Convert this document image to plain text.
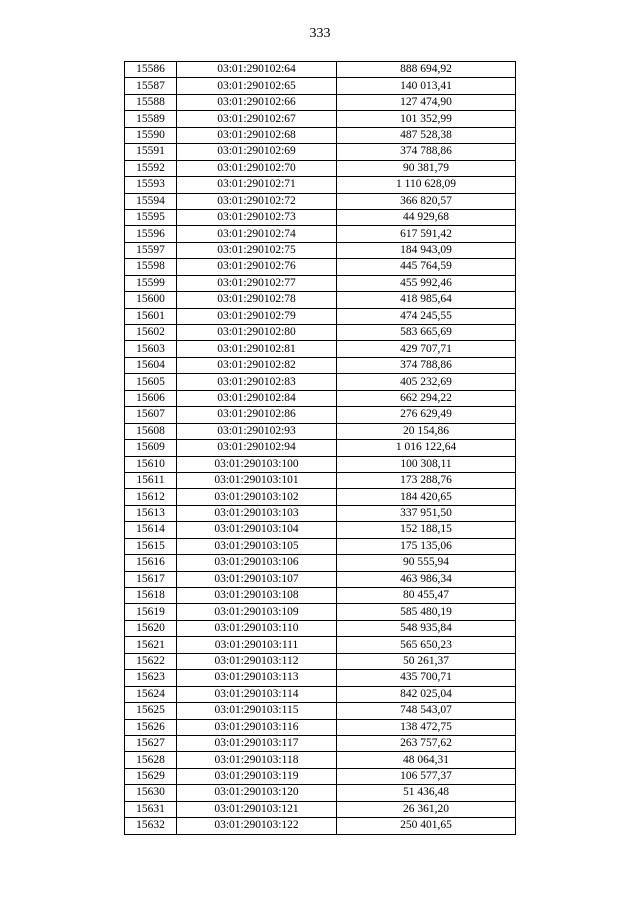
333
15586	03:01:290102:64	888 694,92
15587	03:01:290102:65	140 013,41
15588	03:01:290102:66	127 474,90
15589	03:01:290102:67	101 352,99
15590	03:01:290102:68	487 528,38
15591	03:01:290102:69	374 788,86
15592	03:01:290102:70	90 381,79
15593	03:01:290102:71	1 110 628,09
15594	03:01:290102:72	366 820,57
15595	03:01:290102:73	44 929,68
15596	03:01:290102:74	617 591,42
15597	03:01:290102:75	184 943,09
15598	03:01:290102:76	445 764,59
15599	03:01:290102:77	455 992,46
15600	03:01:290102:78	418 985,64
15601	03:01:290102:79	474 245,55
15602	03:01:290102:80	583 665,69
15603	03:01:290102:81	429 707,71
15604	03:01:290102:82	374 788,86
15605	03:01:290102:83	405 232,69
15606	03:01:290102:84	662 294,22
15607	03:01:290102:86	276 629,49
15608	03:01:290102:93	20 154,86
15609	03:01:290102:94	1 016 122,64
15610	03:01:290103:100	100 308,11
15611	03:01:290103:101	173 288,76
15612	03:01:290103:102	184 420,65
15613	03:01:290103:103	337 951,50
15614	03:01:290103:104	152 188,15
15615	03:01:290103:105	175 135,06
15616	03:01:290103:106	90 555,94
15617	03:01:290103:107	463 986,34
15618	03:01:290103:108	80 455,47
15619	03:01:290103:109	585 480,19
15620	03:01:290103:110	548 935,84
15621	03:01:290103:111	565 650,23
15622	03:01:290103:112	50 261,37
15623	03:01:290103:113	435 700,71
15624	03:01:290103:114	842 025,04
15625	03:01:290103:115	748 543,07
15626	03:01:290103:116	138 472,75
15627	03:01:290103:117	263 757,62
15628	03:01:290103:118	48 064,31
15629	03:01:290103:119	106 577,37
15630	03:01:290103:120	51 436,48
15631	03:01:290103:121	26 361,20
15632	03:01:290103:122	250 401,65
